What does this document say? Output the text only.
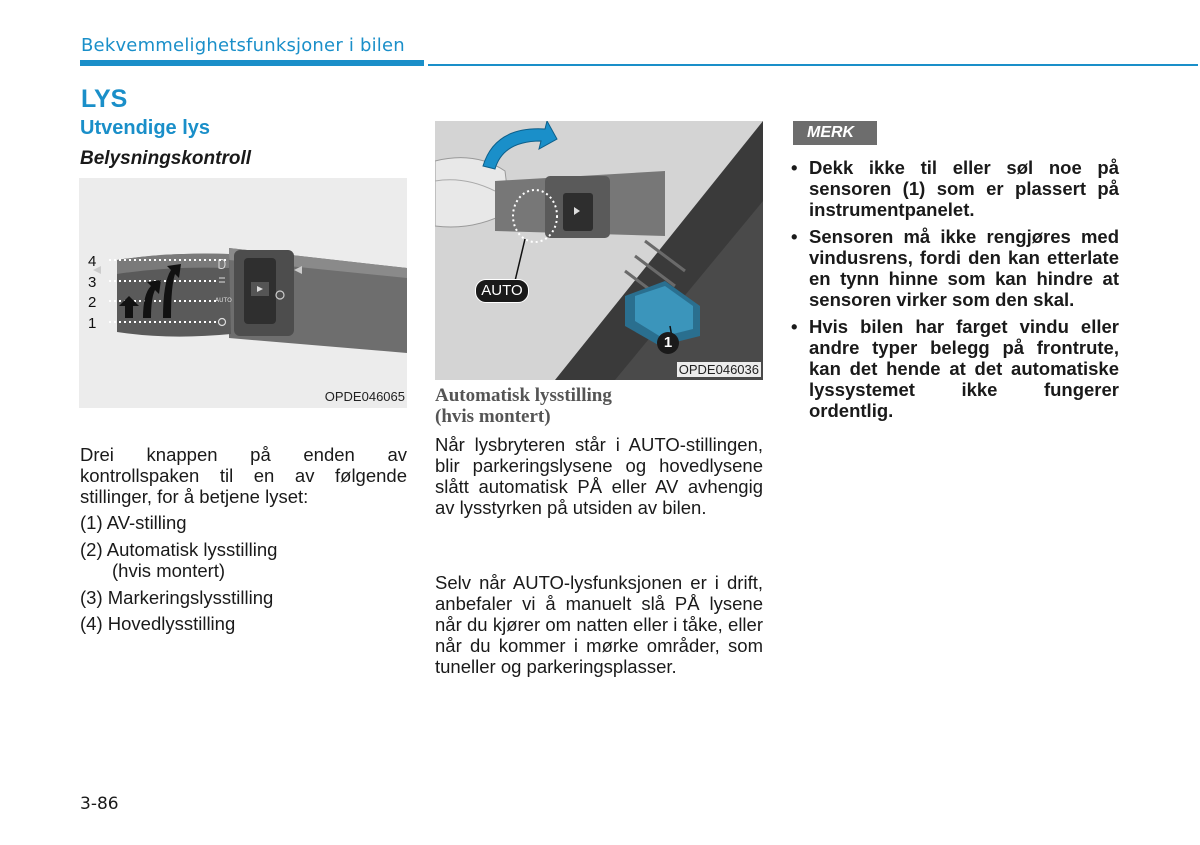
Bekvemmelighetsfunksjoner i bilen
LYS
Utvendige lys
Belysningskontroll
AUTO
4
3
2
1
OPDE046065
Drei knappen på enden av kontrollspaken til en av følgende stillinger, for å betjene lyset:
(1) AV-stilling
(2) Automatisk lysstilling
(hvis montert)
(3) Markeringslysstilling
(4) Hovedlysstilling
AUTO
1
OPDE046036
Automatisk lysstilling
(hvis montert)
Når lysbryteren står i AUTO-stillingen, blir parkeringslysene og hovedlysene slått automatisk PÅ eller AV avhengig av lysstyrken på utsiden av bilen.
Selv når AUTO-lysfunksjonen er i drift, anbefaler vi å manuelt slå PÅ lysene når du kjører om natten eller i tåke, eller når du kommer i mørke områder, som tuneller og parkeringsplasser.
MERK
• Dekk ikke til eller søl noe på sensoren (1) som er plassert på instrumentpanelet.
• Sensoren må ikke rengjøres med vindusrens, fordi den kan etterlate en tynn hinne som kan hindre at sensoren virker som den skal.
• Hvis bilen har farget vindu eller andre typer belegg på frontrute, kan det hende at det automatiske lyssystemet ikke fungerer ordentlig.
3-86
